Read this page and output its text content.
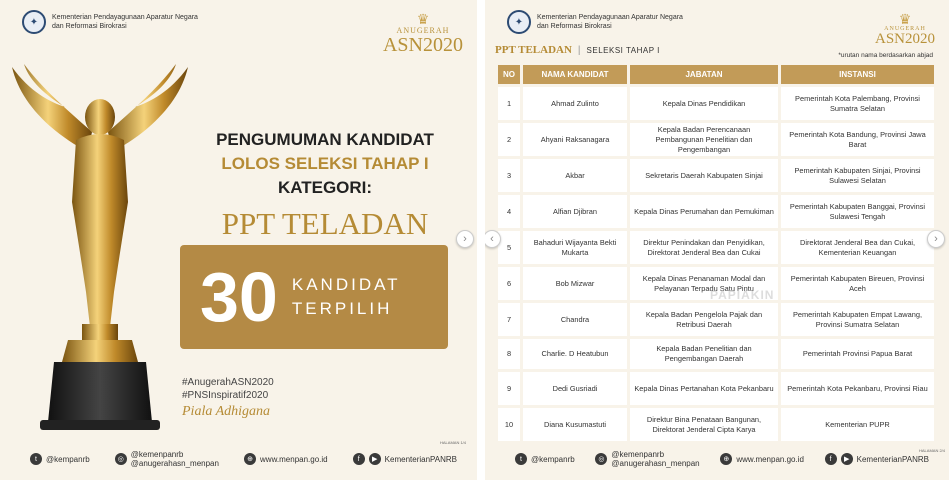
✦	Kementerian Pendayagunaan Aparatur Negara
dan Reformasi Birokrasi	♛
ANUGERAH
ASN2020
PENGUMUMAN KANDIDAT
LOLOS SELEKSI TAHAP I
KATEGORI:
PPT TELADAN
30 KANDIDAT
TERPILIH
#AnugerahASN2020
#PNSInspiratif2020
Piala Adhigana
HALAMAN 1/4
t	@kempanrb	◎
@kemenpanrb
@anugerahasn_menpan	⊕ www.menpan.go.id	f	▶ KementerianPANRB
›
✦	Kementerian Pendayagunaan Aparatur Negara
dan Reformasi Birokrasi	♛
ANUGERAH
ASN2020
PPT TELADAN | SELEKSI TAHAP I
*urutan nama berdasarkan abjad
NO	NAMA KANDIDAT	JABATAN	INSTANSI
1	Ahmad Zulinto	Kepala Dinas Pendidikan	Pemerintah Kota Palembang, Provinsi Sumatra Selatan
2	Ahyani Raksanagara	Kepala Badan Perencanaan Pembangunan Penelitian dan Pengembangan	Pemerintah Kota Bandung, Provinsi Jawa Barat
3	Akbar	Sekretaris Daerah Kabupaten Sinjai	Pemerintah Kabupaten Sinjai, Provinsi Sulawesi Selatan
4	Alfian Djibran	Kepala Dinas Perumahan dan Pemukiman	Pemerintah Kabupaten Banggai, Provinsi Sulawesi Tengah
5	Bahaduri Wijayanta Bekti Mukarta	Direktur Penindakan dan Penyidikan, Direktorat Jenderal Bea dan Cukai	Direktorat Jenderal Bea dan Cukai, Kementerian Keuangan
6	Bob Mizwar	Kepala Dinas Penanaman Modal dan Pelayanan Terpadu Satu Pintu	Pemerintah Kabupaten Bireuen, Provinsi Aceh
7	Chandra	Kepala Badan Pengelola Pajak dan Retribusi Daerah	Pemerintah Kabupaten Empat Lawang, Provinsi Sumatra Selatan
8	Charlie. D Heatubun	Kepala Badan Penelitian dan Pengembangan Daerah	Pemerintah Provinsi Papua Barat
9	Dedi Gusriadi	Kepala Dinas Pertanahan Kota Pekanbaru	Pemerintah Kota Pekanbaru, Provinsi Riau
10	Diana Kusumastuti	Direktur Bina Penataan Bangunan, Direktorat Jenderal Cipta Karya	Kementerian PUPR
PAPIAKIN
HALAMAN 2/4
t	@kempanrb	◎
@kemenpanrb
@anugerahasn_menpan	⊕ www.menpan.go.id	f	▶ KementerianPANRB
‹	›
